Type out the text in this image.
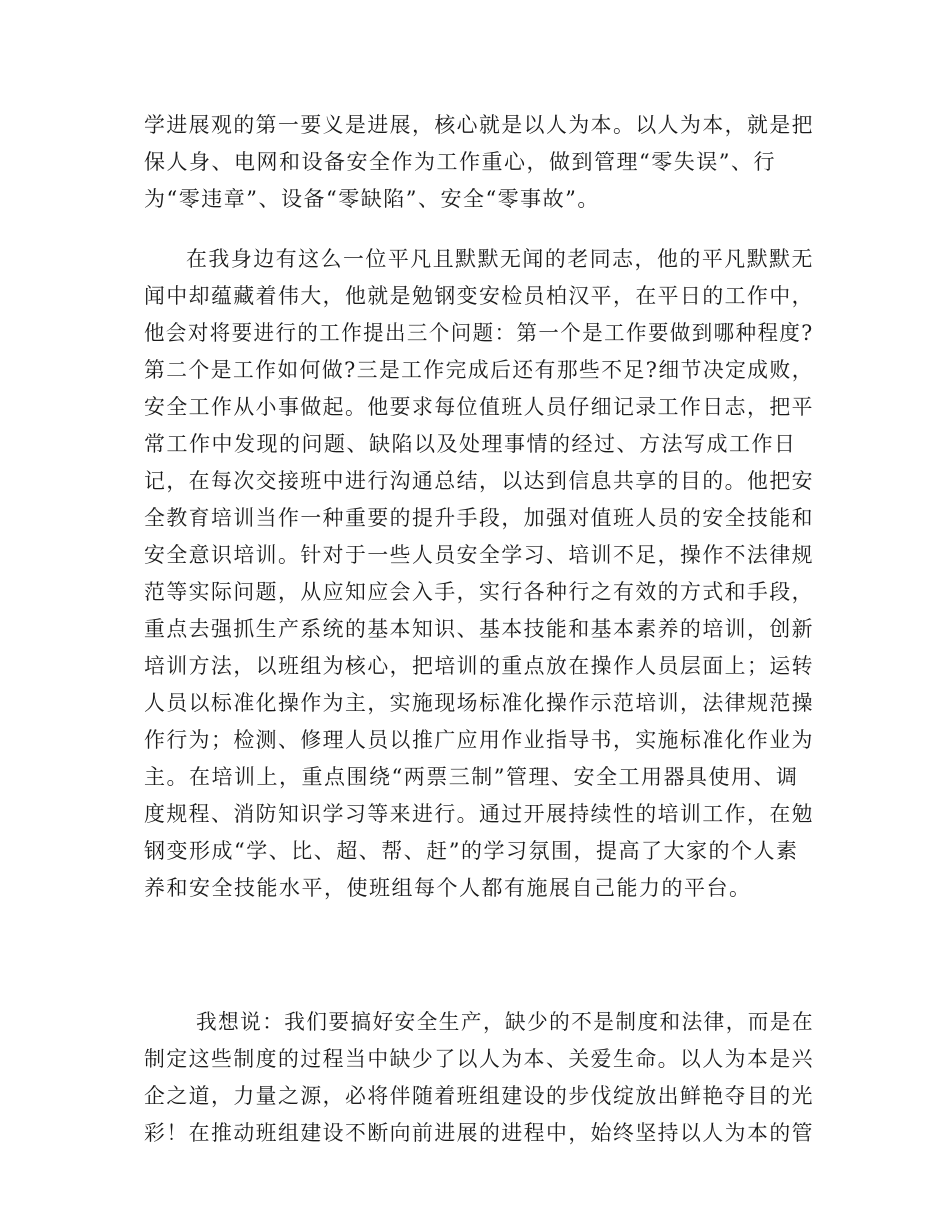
学进展观的第一要义是进展，核心就是以人为本。以人为本，就是把
保人身、电网和设备安全作为工作重心，做到管理“零失误”、行
为“零违章”、设备“零缺陷”、安全“零事故”。
在我身边有这么一位平凡且默默无闻的老同志，他的平凡默默无
闻中却蕴藏着伟大，他就是勉钢变安检员柏汉平，在平日的工作中，
他会对将要进行的工作提出三个问题：第一个是工作要做到哪种程度?
第二个是工作如何做?三是工作完成后还有那些不足?细节决定成败，
安全工作从小事做起。他要求每位值班人员仔细记录工作日志，把平
常工作中发现的问题、缺陷以及处理事情的经过、方法写成工作日
记，在每次交接班中进行沟通总结，以达到信息共享的目的。他把安
全教育培训当作一种重要的提升手段，加强对值班人员的安全技能和
安全意识培训。针对于一些人员安全学习、培训不足，操作不法律规
范等实际问题，从应知应会入手，实行各种行之有效的方式和手段，
重点去强抓生产系统的基本知识、基本技能和基本素养的培训，创新
培训方法，以班组为核心，把培训的重点放在操作人员层面上；运转
人员以标准化操作为主，实施现场标准化操作示范培训，法律规范操
作行为；检测、修理人员以推广应用作业指导书，实施标准化作业为
主。在培训上，重点围绕“两票三制”管理、安全工用器具使用、调
度规程、消防知识学习等来进行。通过开展持续性的培训工作，在勉
钢变形成“学、比、超、帮、赶”的学习氛围，提高了大家的个人素
养和安全技能水平，使班组每个人都有施展自己能力的平台。
我想说：我们要搞好安全生产，缺少的不是制度和法律，而是在
制定这些制度的过程当中缺少了以人为本、关爱生命。以人为本是兴
企之道，力量之源，必将伴随着班组建设的步伐绽放出鲜艳夺目的光
彩！在推动班组建设不断向前进展的进程中，始终坚持以人为本的管
